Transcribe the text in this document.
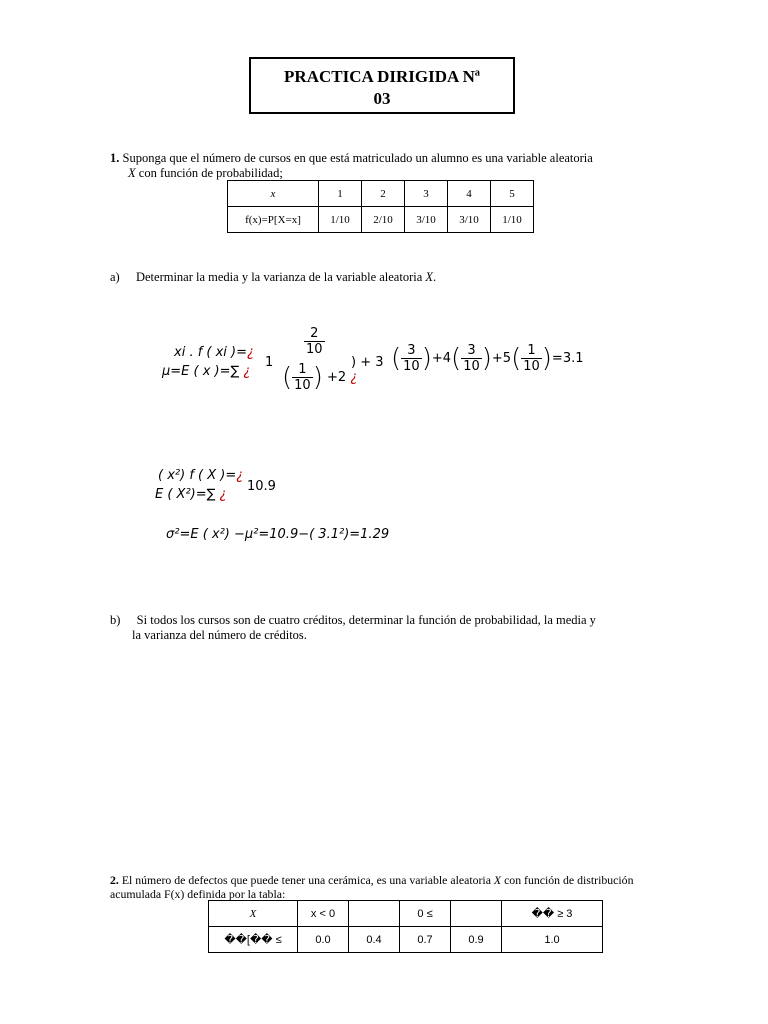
PRACTICA DIRIGIDA Nª
03
1. Suponga que el número de cursos en que está matriculado un alumno es una variable aleatoria
X con función de probabilidad;
x	1	2	3	4	5
f(x)=P[X=x]	1/10	2/10	3/10	3/10	1/10
a) Determinar la media y la varianza de la variable aleatoria X.
xi . f ( xi )=¿
μ=E ( x )=∑ ¿
1
$\frac{2}{10}$
( $\frac{1}{10}$ ) +2 ¿
) + 3 ( $\frac{3}{10} )+4( \frac{3}{10} )+5( \frac{1}{10} )=3.1$
( x²) f ( X )=¿
E ( X²)=∑ ¿
10.9
σ²=E ( x²) −μ²=10.9−( 3.1²)=1.29
b) Si todos los cursos son de cuatro créditos, determinar la función de probabilidad, la media y
la varianza del número de créditos.
2. El número de defectos que puede tener una cerámica, es una variable aleatoria X con función de distribución
acumulada F(x) definida por la tabla:
X	x < 0		0 ≤		�� ≥ 3
��[�� ≤	0.0	0.4	0.7	0.9	1.0
